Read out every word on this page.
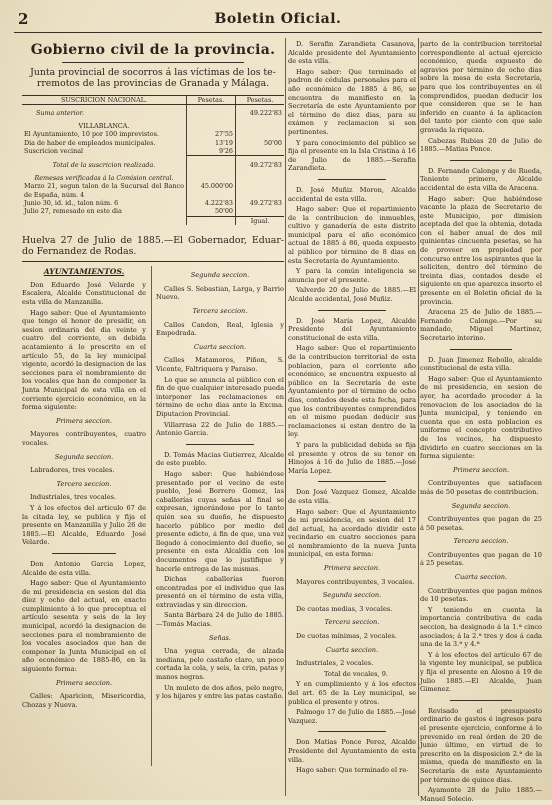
2	Boletin Oficial.
Gobierno civil de la provincia.
Junta provincial de socorros á las víctimas de los te-
rremotos de las provincias de Granada y Málaga.
SUSCRICION NACIONAL.	Pesetas.	Pesetas.
Suma anterior.		49.222'83
VILLABLANCA.		
El Ayuntamiento, 10 por 100 imprevistos.	27'55	
Dia de haber de empleados municipales.	13'19	50'00
Suscricion vecinal	9'26	
Total de la suscricion realizada.		49.272'83
Remesas verificadas á la Comision central.		
Marzo 21, segun talon de la Sucursal del Banco de España, núm. 4	45.000'00	
Junio 30, id. id., talon núm. 6	4.222'83	49.272'83
Julio 27, remesado en este dia	50'00	
		Igual.
Huelva 27 de Julio de 1885.—El Gobernador, Eduar- do Fernandez de Rodas.
AYUNTAMIENTOS.

Don Eduardo José Velarde y Escalera, Alcalde Constitucional de esta villa de Manzanilla.

Hago saber: Que el Ayuntamiento que tengo el honor de presidir, en sesion ordinaria del dia veinte y cuatro del corriente, en debida acatamiento á lo prescrito en el artículo 55, de la ley municipal vigente, acordó la designacion de las secciones para el nombramiento de los vocales que han de componer la Junta Municipal de esta villa en el corriente ejercicio económico, en la forma siguiente:

Primera seccion.

Mayores contribuyentes, cuatro vocales.

Segunda seccion.

Labradores, tres vocales.

Tercera seccion.

Industriales, tres vocales.

Y á los efectos del articulo 67 de la citada ley, se publica y fija el presente en Manzanilla y Julio 26 de 1885.—El Alcalde, Eduardo José Velarde.

Don Antonio Garcia Lopez, Alcalde de esta villa.

Hago saber: Que el Ayuntamiento de mi presidencia en sesion del dia diez y ocho del actual, en exacto cumplimiento á lo que preceptua el artículo sesenta y seis de la ley municipal, acordó la designacion de secciones para el nombramiento de los vocales asociados que han de componer la Junta Municipal en el año económico de 1885-86, en la siguiente forma:

Primera seccion.

Calles: Aparicion, Misericordia, Chozas y Nueva.

Segunda seccion.

Calles S. Sebastian, Larga, y Barrio Nuevo.

Tercera seccion.

Calles Candon, Real, Iglesia y Empedrada.

Cuarta seccion.

Calles Matamoros, Piñon, S. Vicente, Faltriquera y Paraiso.

Lo que se anuncia al público con el fin de que cualquier interesado pueda interponer las reclamaciones en término de ocho dias ante la Excma. Diputacion Provincial.

Villarrasa 22 de Julio de 1885.—Antonio Garcia.

D. Tomás Macias Gutierrez, Alcalde de este pueblo.

Hago saber: Que habiéndose presentado por el vecino de este pueblo, José Borrero Gomez, las caballerías cuyas señas al final se expresan, ignorándose por lo tanto quién sea su dueño, he dispuesto hacerlo público por medio del presente edicto, á fin de que, una vez llegado á conocimiento del dueño, se presente en esta Alcaldía con los documentos que lo justifique y hacerle entrega de las mismas.

Dichas caballerías fueron encontradas por el individuo que las presentó en el término de esta villa, extraviadas y sin direccion.

Santa Bárbara 24 de Julio de 1885.—Tomás Macias.

Señas.

Una yegua cerrada, de alzada mediana, pelo castaño claro, un poco cortada la cola, y seis, la crin, patas y manos negras.

Un muleto de dos años, pelo negro, y los hijares y entre las patas castaño.

D. Serafin Zarandieta Casanova, Alcalde presidente del Ayuntamiento de esta villa.

Hago saber: Que terminado el padron de cédulas personales para el año económico de 1885 á 86, se encuentra de manifiesto en la Secretaría de este Ayuntamiento por el término de diez dias, para su exámen y reclamacion si son pertinentes.

Y para conocimiento del público se fija el presente en la Isla Cristina á 16 de Julio de 1885.—Serafin Zarandieta.

D. José Muñiz Moron, Alcalde accidental de esta villa.

Hago saber: Que el repartimiento de la contribucion de inmuebles, cultivo y ganadería de este distrito municipal para el año económico actual de 1885 á 86, queda expuesto al público por término de 8 dias en esta Secretaría de Ayuntamiento.

Y para la común inteligencia se anuncia por el presente.

Valverde 20 de Julio de 1885.—El Alcalde accidental, José Muñiz.

D. José María Lopez, Alcalde Presidente del Ayuntamiento constitucional de esta villa.

Hago saber: Que el repartimiento de la contribucion territorial de esta poblacion, para el corriente año económico, se encuentra expuesto al público en la Secretaría de este Ayuntamiento por el término de ocho dias, contados desde esta fecha, para que los contribuyentes comprendidos en el mismo puedan deducir sus reclamaciones si estan dentro de la ley.

Y para la publicidad debida se fija el presente y otros de su tenor en Hinojos á 16 de Julio de 1885.—José María Lopez.

Don José Vazquez Gomez, Alcalde de esta villa.

Hago saber: Que el Ayuntamiento de mi presidencia, en sesion del 17 del actual, ha acordado dividir este vecindario en cuatro secciones para el nombramiento de la nueva Junta municipal, en esta forma:

Primera seccion.

Mayores contribuyentes, 3 vocales.

Segunda seccion.

De cuotas medias, 3 vocales.

Tercera seccion.

De cuotas mínimas, 2 vocales.

Cuarta seccion.

Industriales, 2 vocales.

Total de vocales, 9.

Y en cumplimiento y á los efectos del art. 65 de la Ley municipal, se publica el presente y otros.

Palmogo 17 de Julio de 1885.—José Vazquez.

Don Matias Ponce Perez, Alcalde Presidente del Ayuntamiento de esta villa.

Hago saber: Que terminado el re-

parto de la contribucion territorial correspondiente al actual ejercicio económico, queda expuesto de agravios por término de ocho dias sobre la mesa de esta Secretaría, para que los contribuyentes en él comprendidos, puedan deducir los que consideren que se le han inferido en cuanto á la aplicacion del tanto por ciento con que sale gravada la riqueza.

Cabezas Rubias 20 de Julio de 1885.—Matias Ponce.

D. Fernando Calonge y de Rueda, Teniente primero, Alcalde accidental de esta villa de Aracena.

Hago saber: Que habiéndose vacante la plaza de Secretario de este Municipio, por dimision aceptada del que la obtenia, dotada con el haber anual de dos mil quinientas cincuenta pesetas, se ha de proveer en propiedad por concurso entre los aspirantes que la soliciten, dentro del término de treinta dias, contados desde el siguiente en que aparezca inserto el presente en el Boletin oficial de la provincia.

Aracena 25 de Julio de 1885.—Fernando Calonge.—Por su mandado, Miguel Martinez, Secretario interino.

D. Juan Jimenez Rebollo, alcalde constitucional de esta villa.

Hago saber: Que el Ayuntamiento de mi presidencia, en sesion de ayer, ha acordado proceder á la renovacion de los asociados de la Junta municipal, y teniendo en cuenta que en esta poblacion es uniforme el concepto contributivo de los vecinos, ha dispuesto dividirlo en cuatro secciones en la forma siguiente:

Primera seccion.

Contribuyentes que satisfacen más de 50 pesetas de contribucion.

Segunda seccion.

Contribuyentes que pagan de 25 á 50 pesetas.

Tercera seccion.

Contribuyentes que pagan de 10 á 25 pesetas.

Cuarta seccion.

Contribuyentes que pagan ménos de 10 pesetas.

Y teniendo en cuenta la importancia contributiva de cada seccion, ha designado á la 1.ª cinco asociados; á la 2.ª tres y dos á cada una de la 3.ª y 4.ª

Y á los efectos del artículo 67 de la vigente ley municipal, se publica y fija el presente en Alosno á 19 de Julio 1885.—El Alcalde, Juan Gimenez.

Revisado el presupuesto ordinario de gastos é ingresos para el presente ejercicio, conforme á lo prevenido en real órden de 20 de Junio último, en virtud de lo prescrito en la disposicion 2.ª de la misma, queda de manifiesto en la Secretaría de este Ayuntamiento por término de quince dias.

Ayamonte 28 de Julio 1885.—Manuel Solecio.
